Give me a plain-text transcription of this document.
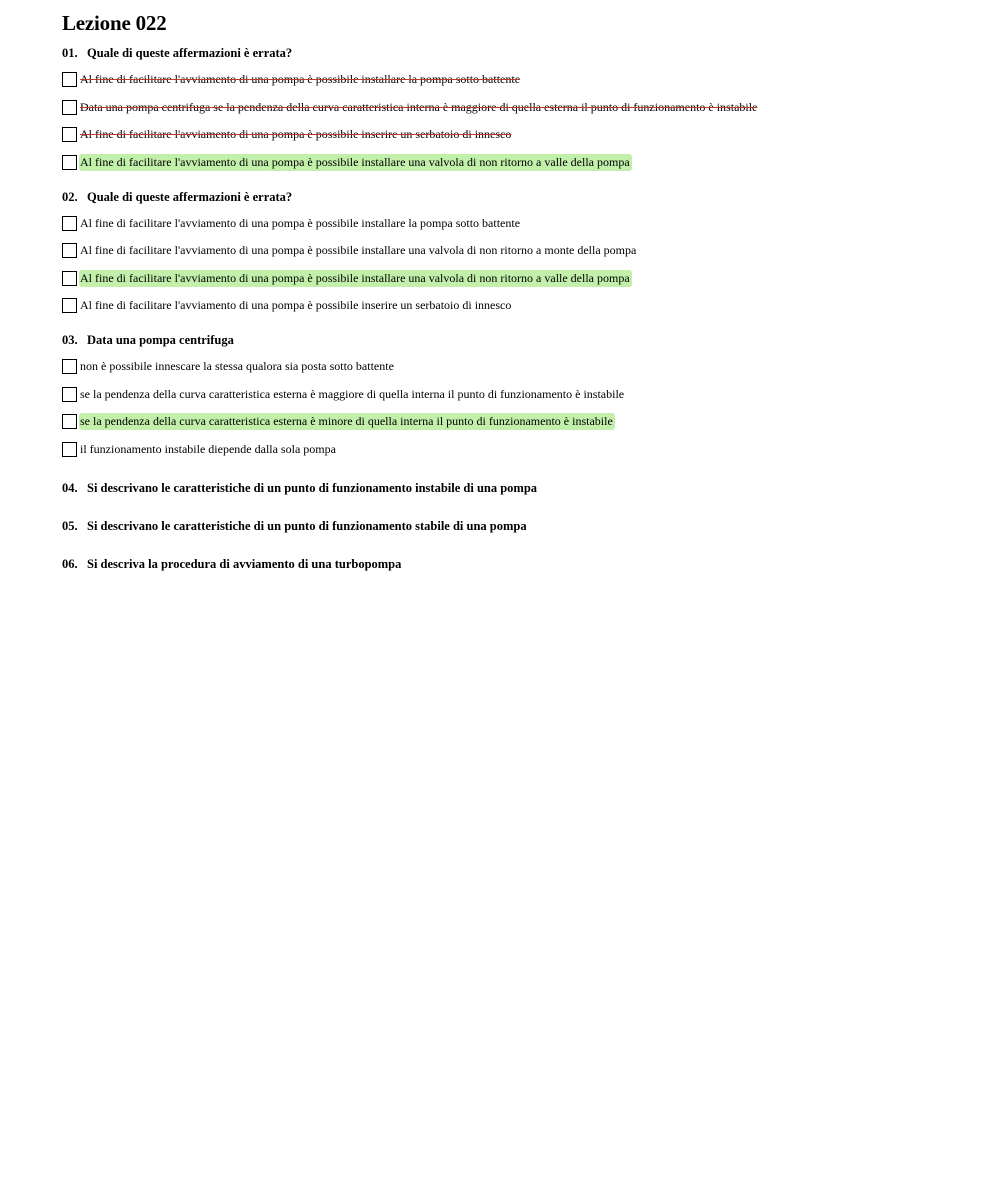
Lezione 022
01. Quale di queste affermazioni è errata?
Al fine di facilitare l'avviamento di una pompa è possibile installare la pompa sotto battente
Data una pompa centrifuga se la pendenza della curva caratteristica interna è maggiore di quella esterna il punto di funzionamento è instabile
Al fine di facilitare l'avviamento di una pompa è possibile inserire un serbatoio di innesco
Al fine di facilitare l'avviamento di una pompa è possibile installare una valvola di non ritorno a valle della pompa
02. Quale di queste affermazioni è errata?
Al fine di facilitare l'avviamento di una pompa è possibile installare la pompa sotto battente
Al fine di facilitare l'avviamento di una pompa è possibile installare una valvola di non ritorno a monte della pompa
Al fine di facilitare l'avviamento di una pompa è possibile installare una valvola di non ritorno a valle della pompa
Al fine di facilitare l'avviamento di una pompa è possibile inserire un serbatoio di innesco
03. Data una pompa centrifuga
non è possibile innescare la stessa qualora sia posta sotto battente
se la pendenza della curva caratteristica esterna è maggiore di quella interna il punto di funzionamento è instabile
se la pendenza della curva caratteristica esterna è minore di quella interna il punto di funzionamento è instabile
il funzionamento instabile diepende dalla sola pompa
04. Si descrivano le caratteristiche di un punto di funzionamento instabile di una pompa
05. Si descrivano le caratteristiche di un punto di funzionamento stabile di una pompa
06. Si descriva la procedura di avviamento di una turbopompa
